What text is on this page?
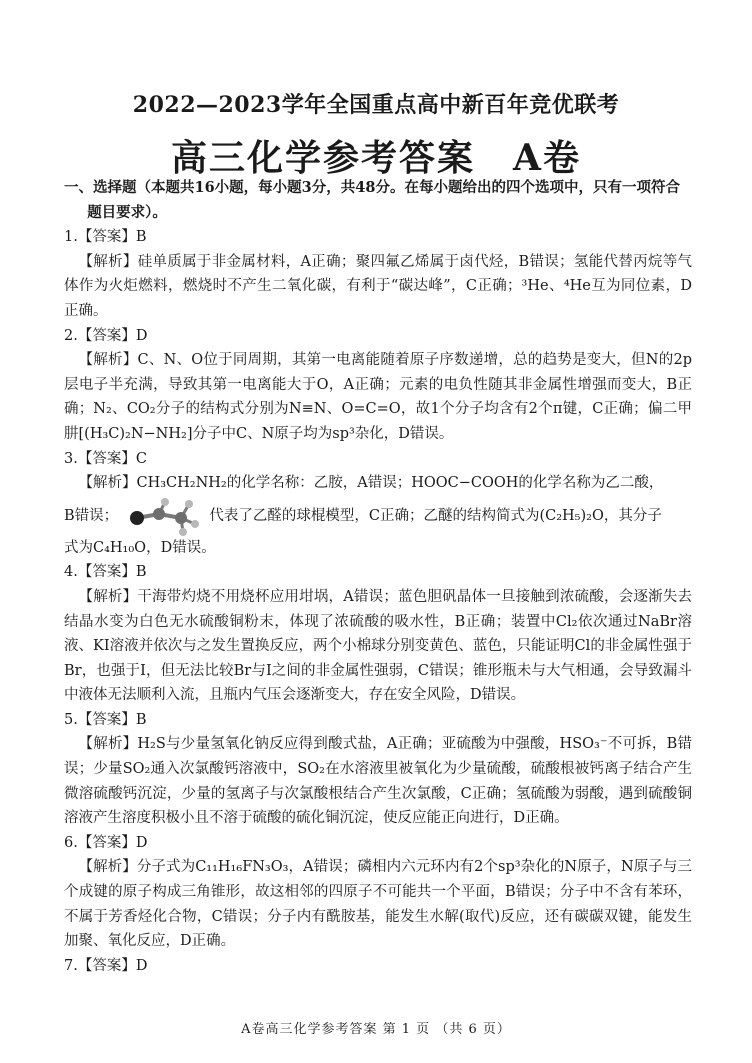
2022—2023学年全国重点高中新百年竞优联考
高三化学参考答案　A卷

一、选择题（本题共16小题，每小题3分，共48分。在每小题给出的四个选项中，只有一项符合题目要求）。

1.【答案】B

【解析】硅单质属于非金属材料，A正确；聚四氟乙烯属于卤代烃，B错误；氢能代替丙烷等气体作为火炬燃料，燃烧时不产生二氧化碳，有利于“碳达峰”，C正确；³He、⁴He互为同位素，D正确。

2.【答案】D

【解析】C、N、O位于同周期，其第一电离能随着原子序数递增，总的趋势是变大，但N的2p层电子半充满，导致其第一电离能大于O，A正确；元素的电负性随其非金属性增强而变大，B正确；N₂、CO₂分子的结构式分别为N≡N、O=C=O，故1个分子均含有2个π键，C正确；偏二甲肼[(H₃C)₂N−NH₂]分子中C、N原子均为sp³杂化，D错误。

3.【答案】C

【解析】CH₃CH₂NH₂的化学名称：乙胺，A错误；HOOC−COOH的化学名称为乙二酸，

B错误；	代表了乙醛的球棍模型，C正确；乙醚的结构简式为(C₂H₅)₂O，其分子

式为C₄H₁₀O，D错误。

4.【答案】B

【解析】干海带灼烧不用烧杯应用坩埚，A错误；蓝色胆矾晶体一旦接触到浓硫酸，会逐渐失去结晶水变为白色无水硫酸铜粉末，体现了浓硫酸的吸水性，B正确；装置中Cl₂依次通过NaBr溶液、KI溶液并依次与之发生置换反应，两个小棉球分别变黄色、蓝色，只能证明Cl的非金属性强于Br，也强于I，但无法比较Br与I之间的非金属性强弱，C错误；锥形瓶未与大气相通，会导致漏斗中液体无法顺利入流，且瓶内气压会逐渐变大，存在安全风险，D错误。

5.【答案】B

【解析】H₂S与少量氢氧化钠反应得到酸式盐，A正确；亚硫酸为中强酸，HSO₃⁻不可拆，B错误；少量SO₂通入次氯酸钙溶液中，SO₂在水溶液里被氧化为少量硫酸，硫酸根被钙离子结合产生微溶硫酸钙沉淀，少量的氢离子与次氯酸根结合产生次氯酸，C正确；氢硫酸为弱酸，遇到硫酸铜溶液产生溶度积极小且不溶于硫酸的硫化铜沉淀，使反应能正向进行，D正确。

6.【答案】D

【解析】分子式为C₁₁H₁₆FN₃O₃，A错误；磷相内六元环内有2个sp³杂化的N原子，N原子与三个成键的原子构成三角锥形，故这相邻的四原子不可能共一个平面，B错误；分子中不含有苯环，不属于芳香烃化合物，C错误；分子内有酰胺基，能发生水解(取代)反应，还有碳碳双键，能发生加聚、氧化反应，D正确。

7.【答案】D

A卷高三化学参考答案 第 1 页 （共 6 页）
